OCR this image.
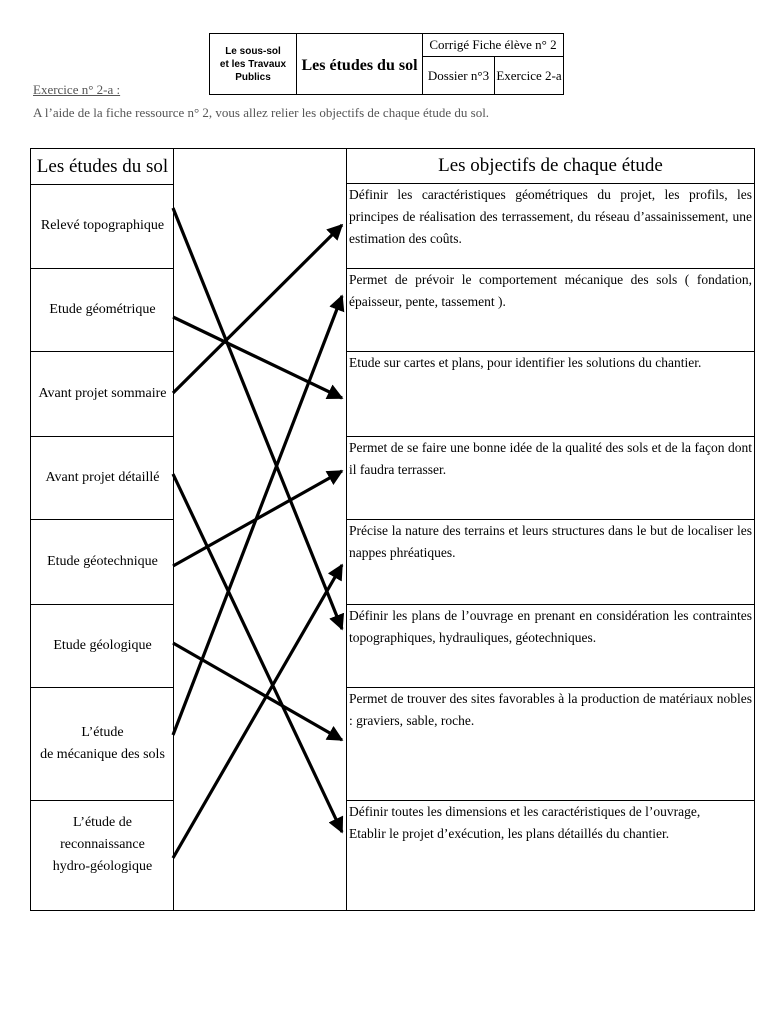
Le sous-sol
et les Travaux
Publics
Les études du sol
Corrigé Fiche élève n° 2
Dossier n°3 Exercice 2-a
Exercice n° 2-a :
A l’aide de la fiche ressource n° 2, vous allez relier les objectifs de chaque étude du sol.
Les études du sol	Les objectifs de chaque étude
Relevé topographique
Etude géométrique
Avant projet sommaire
Avant projet détaillé
Etude géotechnique
Etude géologique
L’étude
de mécanique des sols
L’étude de reconnaissance
hydro-géologique
Définir les caractéristiques géométriques du projet, les profils, les principes de réalisation des terrassement, du réseau d’assainissement, une estimation des coûts.
Permet de prévoir le comportement mécanique des sols ( fondation, épaisseur, pente, tassement ).
Etude sur cartes et plans, pour identifier les solutions du chantier.
Permet de se faire une bonne idée de la qualité des sols et de la façon dont il faudra terrasser.
Précise la nature des terrains et leurs structures dans le but de localiser les nappes phréatiques.
Définir les plans de l’ouvrage en prenant en considération les contraintes topographiques, hydrauliques, géotechniques.
Permet de trouver des sites favorables à la production de matériaux nobles : graviers, sable, roche.
Définir toutes les dimensions et les caractéristiques de l’ouvrage,
Etablir le projet d’exécution, les plans détaillés du chantier.
